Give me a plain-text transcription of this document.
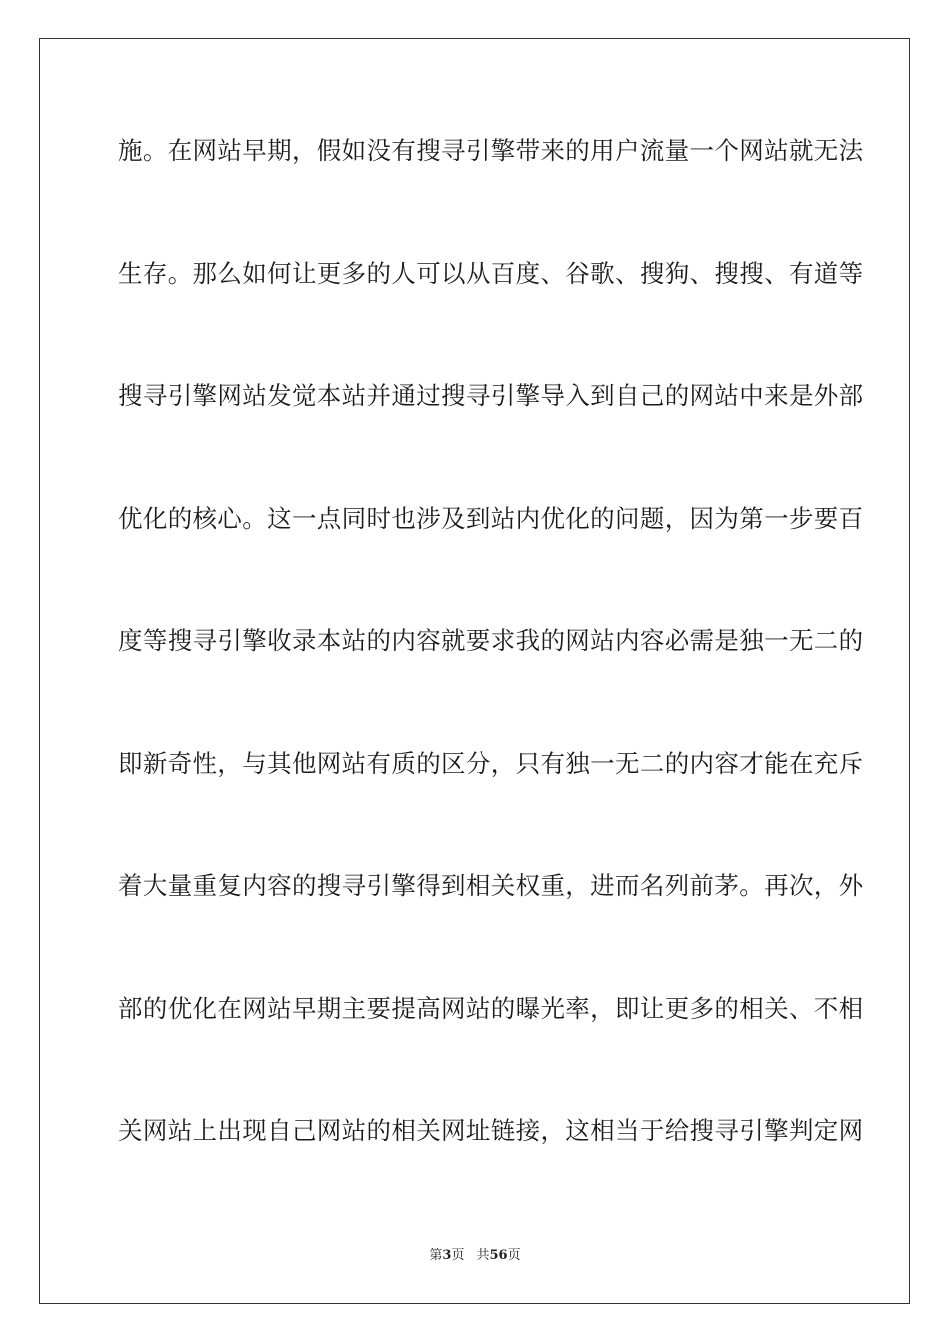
施。在网站早期，假如没有搜寻引擎带来的用户流量一个网站就无法
生存。那么如何让更多的人可以从百度、谷歌、搜狗、搜搜、有道等
搜寻引擎网站发觉本站并通过搜寻引擎导入到自己的网站中来是外部
优化的核心。这一点同时也涉及到站内优化的问题，因为第一步要百
度等搜寻引擎收录本站的内容就要求我的网站内容必需是独一无二的
即新奇性，与其他网站有质的区分，只有独一无二的内容才能在充斥
着大量重复内容的搜寻引擎得到相关权重，进而名列前茅。再次，外
部的优化在网站早期主要提高网站的曝光率，即让更多的相关、不相
关网站上出现自己网站的相关网址链接，这相当于给搜寻引擎判定网
第3页 共56页
